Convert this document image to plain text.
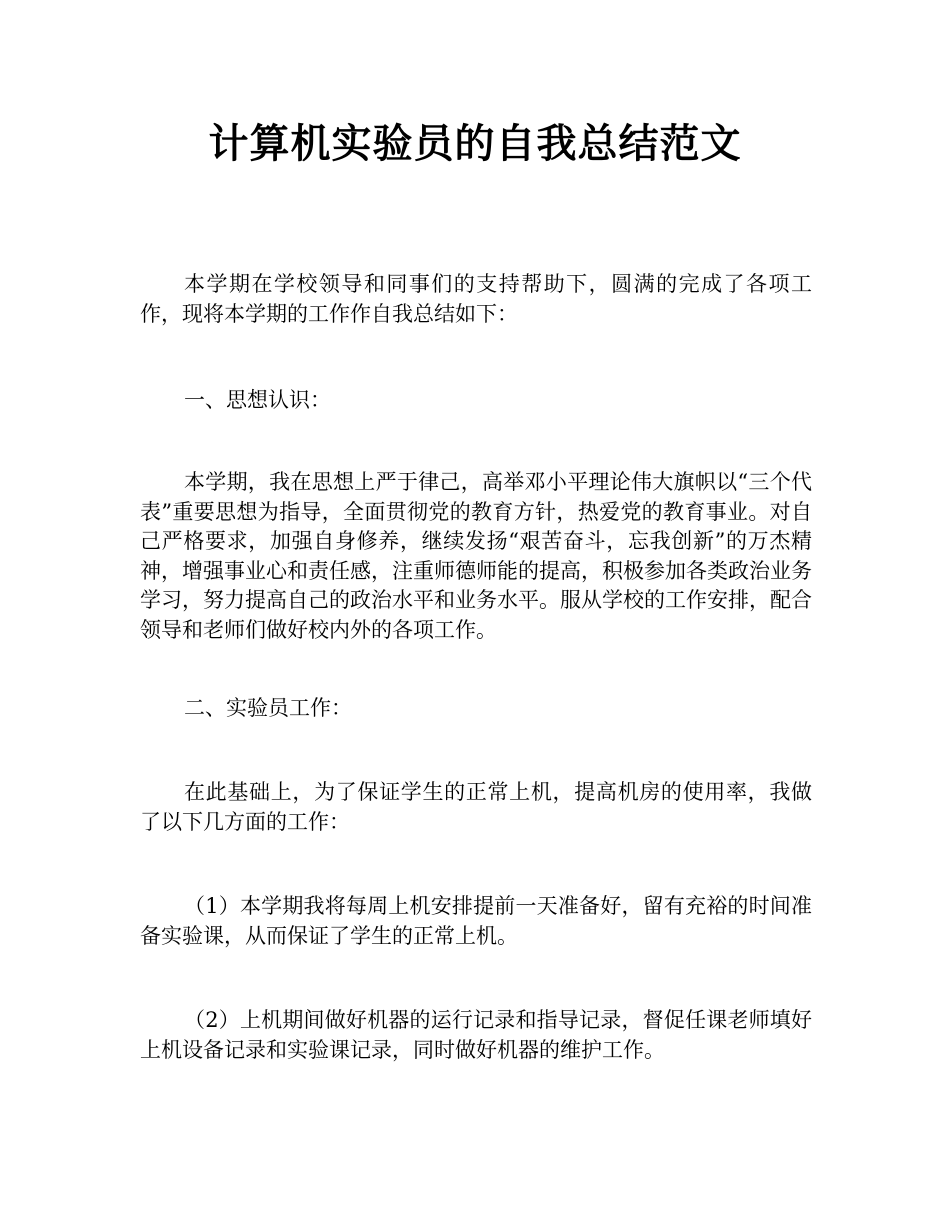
计算机实验员的自我总结范文

本学期在学校领导和同事们的支持帮助下，圆满的完成了各项工作，现将本学期的工作作自我总结如下：

一、思想认识：

本学期，我在思想上严于律己，高举邓小平理论伟大旗帜以“三个代表”重要思想为指导，全面贯彻党的教育方针，热爱党的教育事业。对自己严格要求，加强自身修养，继续发扬“艰苦奋斗，忘我创新”的万杰精神，增强事业心和责任感，注重师德师能的提高，积极参加各类政治业务学习，努力提高自己的政治水平和业务水平。服从学校的工作安排，配合领导和老师们做好校内外的各项工作。

二、实验员工作：

在此基础上，为了保证学生的正常上机，提高机房的使用率，我做了以下几方面的工作：

（1）本学期我将每周上机安排提前一天准备好，留有充裕的时间准备实验课，从而保证了学生的正常上机。

（2）上机期间做好机器的运行记录和指导记录，督促任课老师填好上机设备记录和实验课记录，同时做好机器的维护工作。
